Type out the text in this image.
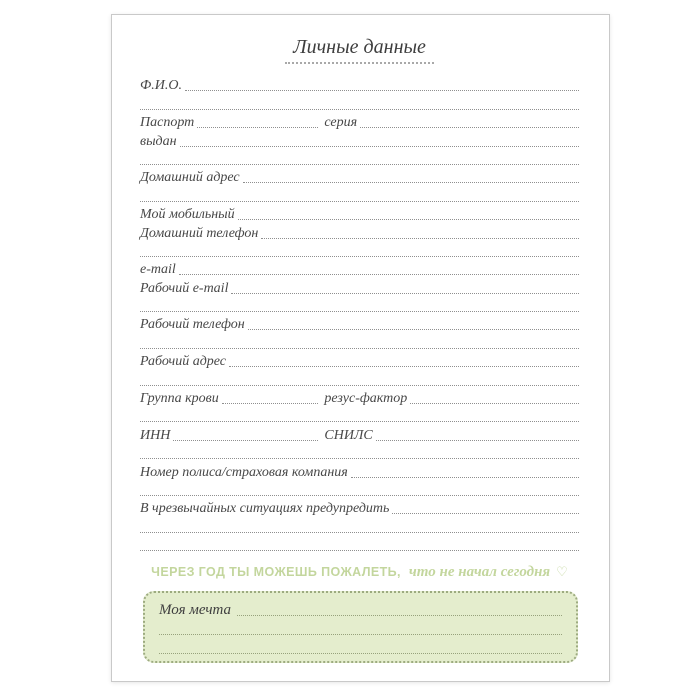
Личные данные
Ф.И.О.
Паспорт	серия
выдан
Домашний адрес
Мой мобильный
Домашний телефон
e-mail
Рабочий e-mail
Рабочий телефон
Рабочий адрес
Группа крови	резус-фактор
ИНН	СНИЛС
Номер полиса/страховая компания
В чрезвычайных ситуациях предупредить
ЧЕРЕЗ ГОД ТЫ МОЖЕШЬ ПОЖАЛЕТЬ, что не начал сегодня ♡
Моя мечта
